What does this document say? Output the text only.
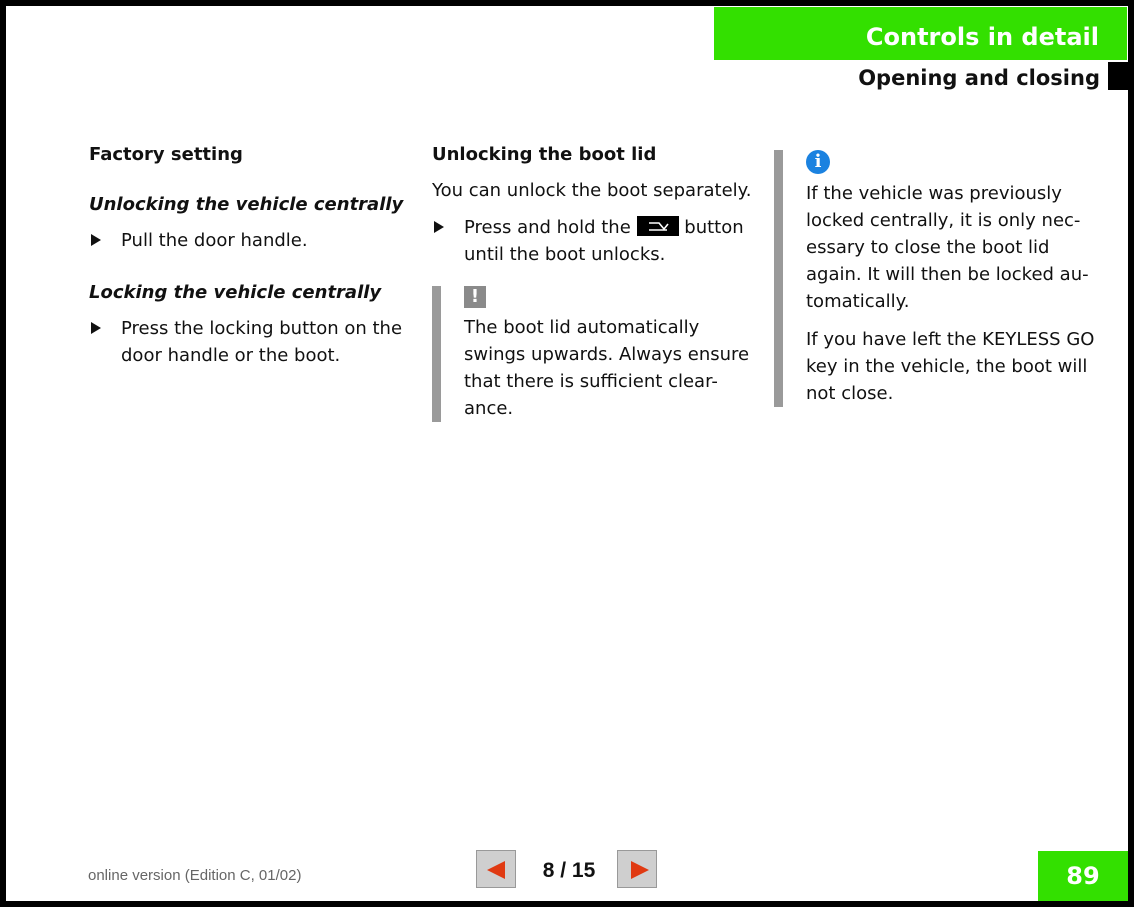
Controls in detail
Opening and closing
Factory setting
Unlocking the vehicle centrally

Pull the door handle.

Locking the vehicle centrally

Press the locking button on the door handle or the boot.

Unlocking the boot lid

You can unlock the boot separately.

Press and hold the	button until the boot unlocks.

!

The boot lid automatically swings upwards. Always ensure that there is sufficient clear-ance.

i

If the vehicle was previously locked centrally, it is only nec-essary to close the boot lid again. It will then be locked au-tomatically.

If you have left the KEYLESS GO key in the vehicle, the boot will not close.

online version (Edition C, 01/02)	8 / 15	89
